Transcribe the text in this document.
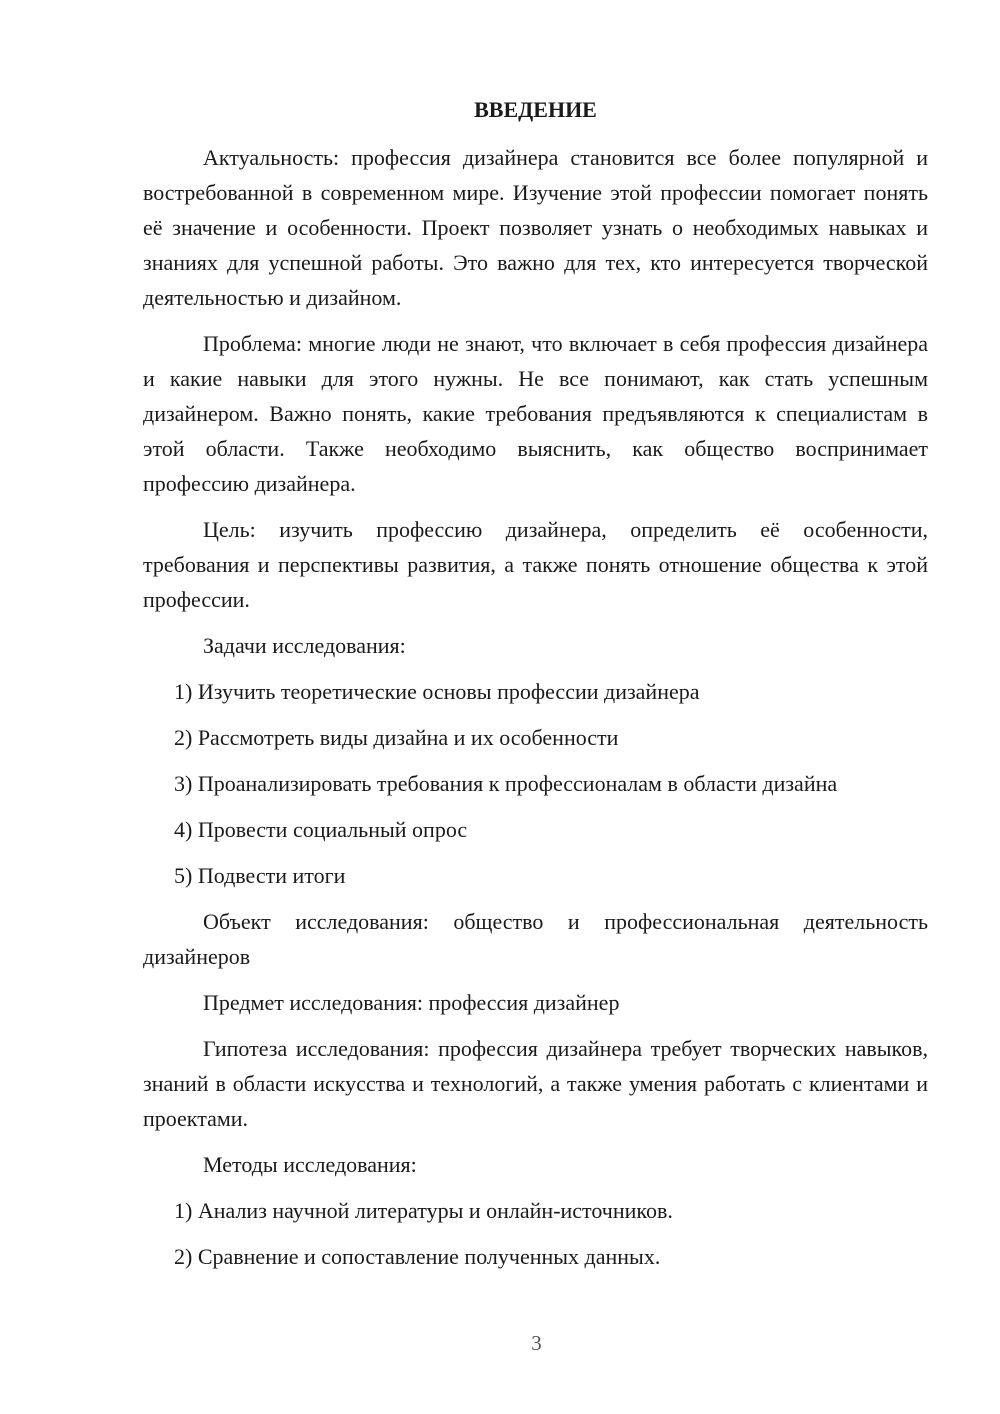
ВВЕДЕНИЕ

Актуальность: профессия дизайнера становится все более популярной и востребованной в современном мире. Изучение этой профессии помогает понять её значение и особенности. Проект позволяет узнать о необходимых навыках и знаниях для успешной работы. Это важно для тех, кто интересуется творческой деятельностью и дизайном.

Проблема: многие люди не знают, что включает в себя профессия дизайнера и какие навыки для этого нужны. Не все понимают, как стать успешным дизайнером. Важно понять, какие требования предъявляются к специалистам в этой области. Также необходимо выяснить, как общество воспринимает профессию дизайнера.

Цель: изучить профессию дизайнера, определить её особенности, требования и перспективы развития, а также понять отношение общества к этой профессии.

Задачи исследования:

1) Изучить теоретические основы профессии дизайнера

2) Рассмотреть виды дизайна и их особенности

3) Проанализировать требования к профессионалам в области дизайна

4) Провести социальный опрос

5) Подвести итоги

Объект исследования: общество и профессиональная деятельность дизайнеров

Предмет исследования: профессия дизайнер

Гипотеза исследования: профессия дизайнера требует творческих навыков, знаний в области искусства и технологий, а также умения работать с клиентами и проектами.

Методы исследования:

1) Анализ научной литературы и онлайн-источников.

2) Сравнение и сопоставление полученных данных.

3
